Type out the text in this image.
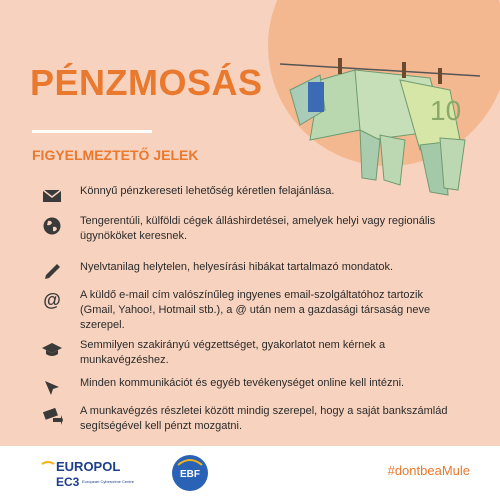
10
PÉNZMOSÁS
FIGYELMEZTETŐ JELEK
Könnyű pénzkereseti lehetőség kéretlen felajánlása.
Tengerentúli, külföldi cégek álláshirdetései, amelyek helyi vagy regionális ügynököket keresnek.
Nyelvtanilag helytelen, helyesírási hibákat tartalmazó mondatok.
@ A küldő e-mail cím valószínűleg ingyenes email-szolgáltatóhoz tartozik (Gmail, Yahoo!, Hotmail stb.), a @ után nem a gazdasági társaság neve szerepel.
Semmilyen szakirányú végzettséget, gyakorlatot nem kérnek a munkavégzéshez.
Minden kommunikációt és egyéb tevékenységet online kell intézni.
A munkavégzés részletei között mindig szerepel, hogy a saját bankszámlád segítségével kell pénzt mozgatni.
EUROPOL
EC3 European Cybercrime Centre
EBF	#dontbeaMule
